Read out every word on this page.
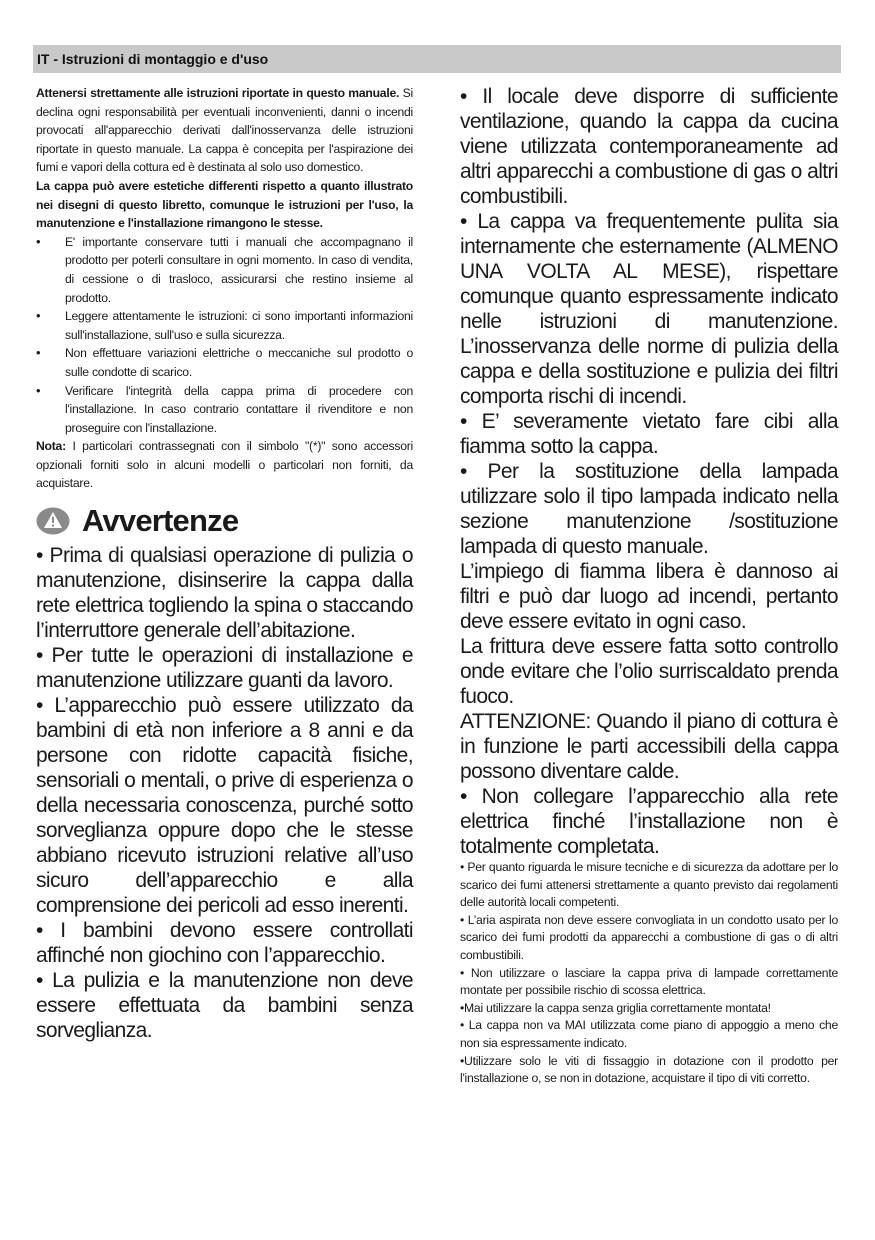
IT - Istruzioni di montaggio e d'uso

Attenersi strettamente alle istruzioni riportate in questo manuale. Si declina ogni responsabilità per eventuali inconvenienti, danni o incendi provocati all'apparecchio derivati dall'inosservanza delle istruzioni riportate in questo manuale. La cappa è concepita per l'aspirazione dei fumi e vapori della cottura ed è destinata al solo uso domestico.

La cappa può avere estetiche differenti rispetto a quanto illustrato nei disegni di questo libretto, comunque le istruzioni per l'uso, la manutenzione e l'installazione rimangono le stesse.

• E' importante conservare tutti i manuali che accompagnano il prodotto per poterli consultare in ogni momento. In caso di vendita, di cessione o di trasloco, assicurarsi che restino insieme al prodotto.
• Leggere attentamente le istruzioni: ci sono importanti informazioni sull'installazione, sull'uso e sulla sicurezza.
• Non effettuare variazioni elettriche o meccaniche sul prodotto o sulle condotte di scarico.
• Verificare l'integrità della cappa prima di procedere con l'installazione. In caso contrario contattare il rivenditore e non proseguire con l'installazione.

Nota: I particolari contrassegnati con il simbolo "(*)" sono accessori opzionali forniti solo in alcuni modelli o particolari non forniti, da acquistare.

Avvertenze

• Prima di qualsiasi operazione di pulizia o manutenzione, disinserire la cappa dalla rete elettrica togliendo la spina o staccando l’interruttore generale dell’abitazione.

• Per tutte le operazioni di installazione e manutenzione utilizzare guanti da lavoro.

• L’apparecchio può essere utilizzato da bambini di età non inferiore a 8 anni e da persone con ridotte capacità fisiche, sensoriali o mentali, o prive di esperienza o della necessaria conoscenza, purché sotto sorveglianza oppure dopo che le stesse abbiano ricevuto istruzioni relative all’uso sicuro dell’apparecchio e alla comprensione dei pericoli ad esso inerenti.

• I bambini devono essere controllati affinché non giochino con l’apparecchio.

• La pulizia e la manutenzione non deve essere effettuata da bambini senza sorveglianza.

• Il locale deve disporre di sufficiente ventilazione, quando la cappa da cucina viene utilizzata contemporaneamente ad altri apparecchi a combustione di gas o altri combustibili.

• La cappa va frequentemente pulita sia internamente che esternamente (ALMENO UNA VOLTA AL MESE), rispettare comunque quanto espressamente indicato nelle istruzioni di manutenzione. L’inosservanza delle norme di pulizia della cappa e della sostituzione e pulizia dei filtri comporta rischi di incendi.

• E’ severamente vietato fare cibi alla fiamma sotto la cappa.

• Per la sostituzione della lampada utilizzare solo il tipo lampada indicato nella sezione manutenzione /sostituzione lampada di questo manuale.

L’impiego di fiamma libera è dannoso ai filtri e può dar luogo ad incendi, pertanto deve essere evitato in ogni caso.

La frittura deve essere fatta sotto controllo onde evitare che l’olio surriscaldato prenda fuoco.

ATTENZIONE: Quando il piano di cottura è in funzione le parti accessibili della cappa possono diventare calde.

• Non collegare l’apparecchio alla rete elettrica finché l’installazione non è totalmente completata.

• Per quanto riguarda le misure tecniche e di sicurezza da adottare per lo scarico dei fumi attenersi strettamente a quanto previsto dai regolamenti delle autorità locali competenti.

• L’aria aspirata non deve essere convogliata in un condotto usato per lo scarico dei fumi prodotti da apparecchi a combustione di gas o di altri combustibili.

• Non utilizzare o lasciare la cappa priva di lampade correttamente montate per possibile rischio di scossa elettrica.

•Mai utilizzare la cappa senza griglia correttamente montata!

• La cappa non va MAI utilizzata come piano di appoggio a meno che non sia espressamente indicato.

•Utilizzare solo le viti di fissaggio in dotazione con il prodotto per l'installazione o, se non in dotazione, acquistare il tipo di viti corretto.
